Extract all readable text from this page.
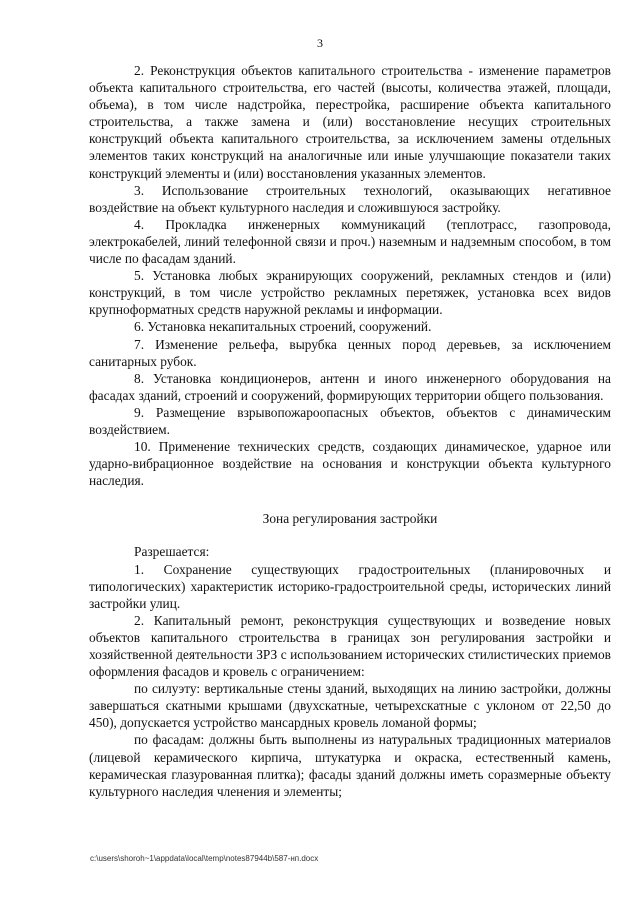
3

2. Реконструкция объектов капитального строительства - изменение параметров объекта капитального строительства, его частей (высоты, количества этажей, площади, объема), в том числе надстройка, перестройка, расширение объекта капитального строительства, а также замена и (или) восстановление несущих строительных конструкций объекта капитального строительства, за исключением замены отдельных элементов таких конструкций на аналогичные или иные улучшающие показатели таких конструкций элементы и (или) восстановления указанных элементов.

3. Использование строительных технологий, оказывающих негативное воздействие на объект культурного наследия и сложившуюся застройку.

4. Прокладка инженерных коммуникаций (теплотрасс, газопровода, электрокабелей, линий телефонной связи и проч.) наземным и надземным способом, в том числе по фасадам зданий.

5. Установка любых экранирующих сооружений, рекламных стендов и (или) конструкций, в том числе устройство рекламных перетяжек, установка всех видов крупноформатных средств наружной рекламы и информации.

6. Установка некапитальных строений, сооружений.

7. Изменение рельефа, вырубка ценных пород деревьев, за исключением санитарных рубок.

8. Установка кондиционеров, антенн и иного инженерного оборудования на фасадах зданий, строений и сооружений, формирующих территории общего пользования.

9. Размещение взрывопожароопасных объектов, объектов с динамическим воздействием.

10. Применение технических средств, создающих динамическое, ударное или ударно-вибрационное воздействие на основания и конструкции объекта культурного наследия.

Зона регулирования застройки

Разрешается:

1. Сохранение существующих градостроительных (планировочных и типологических) характеристик историко-градостроительной среды, исторических линий застройки улиц.

2. Капитальный ремонт, реконструкция существующих и возведение новых объектов капитального строительства в границах зон регулирования застройки и хозяйственной деятельности ЗРЗ с использованием исторических стилистических приемов оформления фасадов и кровель с ограничением:

по силуэту: вертикальные стены зданий, выходящих на линию застройки, должны завершаться скатными крышами (двухскатные, четырехскатные с уклоном от 22,50 до 450), допускается устройство мансардных кровель ломаной формы;

по фасадам: должны быть выполнены из натуральных традиционных материалов (лицевой керамического кирпича, штукатурка и окраска, естественный камень, керамическая глазурованная плитка); фасады зданий должны иметь соразмерные объекту культурного наследия членения и элементы;

c:\users\shoroh~1\appdata\local\temp\notes87944b\587-нп.docx
